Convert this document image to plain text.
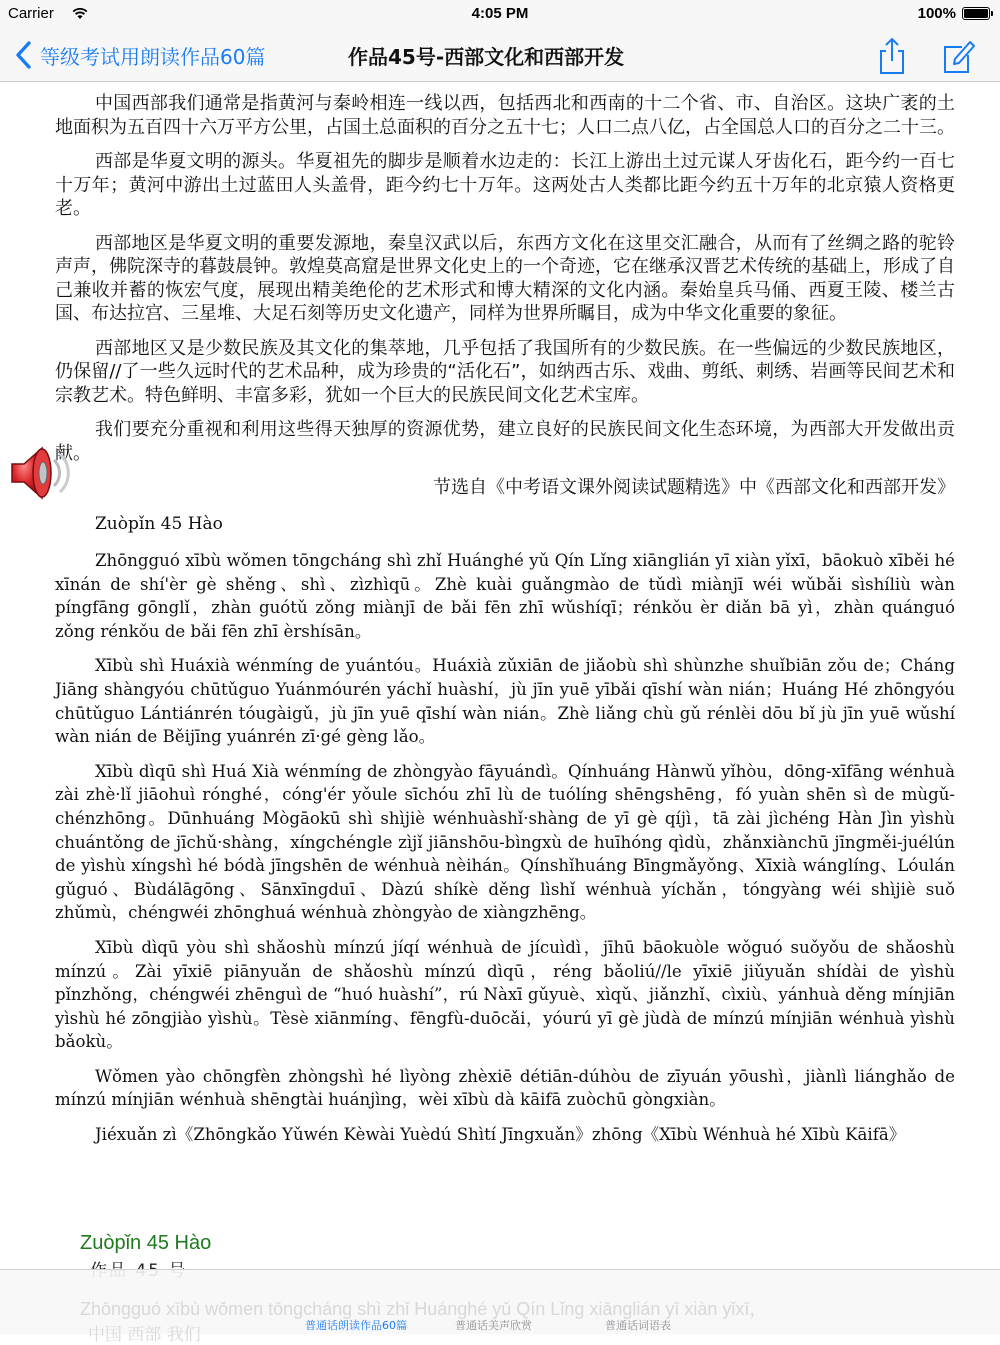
Carrier	4:05 PM	100%
等级考试用朗读作品60篇	作品45号-西部文化和西部开发

中国西部我们通常是指黄河与秦岭相连一线以西，包括西北和西南的十二个省、市、自治区。这块广袤的土地面积为五百四十六万平方公里，占国土总面积的百分之五十七；人口二点八亿，占全国总人口的百分之二十三。

西部是华夏文明的源头。华夏祖先的脚步是顺着水边走的：长江上游出土过元谋人牙齿化石，距今约一百七十万年；黄河中游出土过蓝田人头盖骨，距今约七十万年。这两处古人类都比距今约五十万年的北京猿人资格更老。

西部地区是华夏文明的重要发源地，秦皇汉武以后，东西方文化在这里交汇融合，从而有了丝绸之路的驼铃声声，佛院深寺的暮鼓晨钟。敦煌莫高窟是世界文化史上的一个奇迹，它在继承汉晋艺术传统的基础上，形成了自己兼收并蓄的恢宏气度，展现出精美绝伦的艺术形式和博大精深的文化内涵。秦始皇兵马俑、西夏王陵、楼兰古国、布达拉宫、三星堆、大足石刻等历史文化遗产，同样为世界所瞩目，成为中华文化重要的象征。

西部地区又是少数民族及其文化的集萃地，几乎包括了我国所有的少数民族。在一些偏远的少数民族地区，仍保留//了一些久远时代的艺术品种，成为珍贵的“活化石”，如纳西古乐、戏曲、剪纸、刺绣、岩画等民间艺术和宗教艺术。特色鲜明、丰富多彩，犹如一个巨大的民族民间文化艺术宝库。

我们要充分重视和利用这些得天独厚的资源优势，建立良好的民族民间文化生态环境，为西部大开发做出贡献。

节选自《中考语文课外阅读试题精选》中《西部文化和西部开发》

Zuòpǐn 45 Hào

Zhōngguó xībù wǒmen tōngcháng shì zhǐ Huánghé yǔ Qín Lǐng xiānglián yī xiàn yǐxī，bāokuò xīběi hé xīnán de shí'èr gè shěng、shì、zìzhìqū。Zhè kuài guǎngmào de tǔdì miànjī wéi wǔbǎi sìshíliù wàn píngfāng gōnglǐ，zhàn guótǔ zǒng miànjī de bǎi fēn zhī wǔshíqī；rénkǒu èr diǎn bā yì，zhàn quánguó zǒng rénkǒu de bǎi fēn zhī èrshísān。

Xībù shì Huáxià wénmíng de yuántóu。Huáxià zǔxiān de jiǎobù shì shùnzhe shuǐbiān zǒu de；Cháng Jiāng shàngyóu chūtǔguo Yuánmóurén yáchǐ huàshí，jù jīn yuē yībǎi qīshí wàn nián；Huáng Hé zhōngyóu chūtǔguo Lántiánrén tóugàigǔ，jù jīn yuē qīshí wàn nián。Zhè liǎng chù gǔ rénlèi dōu bǐ jù jīn yuē wǔshí wàn nián de Běijīng yuánrén zī·gé gèng lǎo。

Xībù dìqū shì Huá Xià wénmíng de zhòngyào fāyuándì。Qínhuáng Hànwǔ yǐhòu，dōng-xīfāng wénhuà zài zhè·lǐ jiāohuì rónghé，cóng'ér yǒule sīchóu zhī lù de tuólíng shēngshēng，fó yuàn shēn sì de mùgǔ-chénzhōng。Dūnhuáng Mògāokū shì shìjiè wénhuàshǐ·shàng de yī gè qíjì，tā zài jìchéng Hàn Jìn yìshù chuántǒng de jīchǔ·shàng，xíngchéngle zìjǐ jiānshōu-bìngxù de huīhóng qìdù，zhǎnxiànchū jīngměi-juélún de yìshù xíngshì hé bódà jīngshēn de wénhuà nèihán。Qínshǐhuáng Bīngmǎyǒng、Xīxià wánglíng、Lóulán gǔguó、Bùdálāgōng、Sānxīngduī、Dàzú shíkè děng lìshǐ wénhuà yíchǎn，tóngyàng wéi shìjiè suǒ zhǔmù，chéngwéi zhōnghuá wénhuà zhòngyào de xiàngzhēng。

Xībù dìqū yòu shì shǎoshù mínzú jíqí wénhuà de jícuìdì，jīhū bāokuòle wǒguó suǒyǒu de shǎoshù mínzú。Zài yīxiē piānyuǎn de shǎoshù mínzú dìqū，réng bǎoliú//le yīxiē jiǔyuǎn shídài de yìshù pǐnzhǒng，chéngwéi zhēnguì de “huó huàshí”，rú Nàxī gǔyuè、xìqǔ、jiǎnzhǐ、cìxiù、yánhuà děng mínjiān yìshù hé zōngjiào yìshù。Tèsè xiānmíng、fēngfù-duōcǎi，yóurú yī gè jùdà de mínzú mínjiān wénhuà yìshù bǎokù。

Wǒmen yào chōngfèn zhòngshì hé lìyòng zhèxiē détiān-dúhòu de zīyuán yōushì，jiànlì liánghǎo de mínzú mínjiān wénhuà shēngtài huánjìng，wèi xībù dà kāifā zuòchū gòngxiàn。

Jiéxuǎn zì《Zhōngkǎo Yǔwén Kèwài Yuèdú Shìtí Jīngxuǎn》zhōng《Xībù Wénhuà hé Xībù Kāifā》

Zuòpǐn 45 Hào
Zhōngguó xībù wǒmen tōngcháng shì zhǐ Huánghé yǔ Qín Lǐng xiānglián yī xiàn yǐxī，
中国 西部 我们	普通话朗读作品60篇	普通话美声欣赏	普通话词语表
